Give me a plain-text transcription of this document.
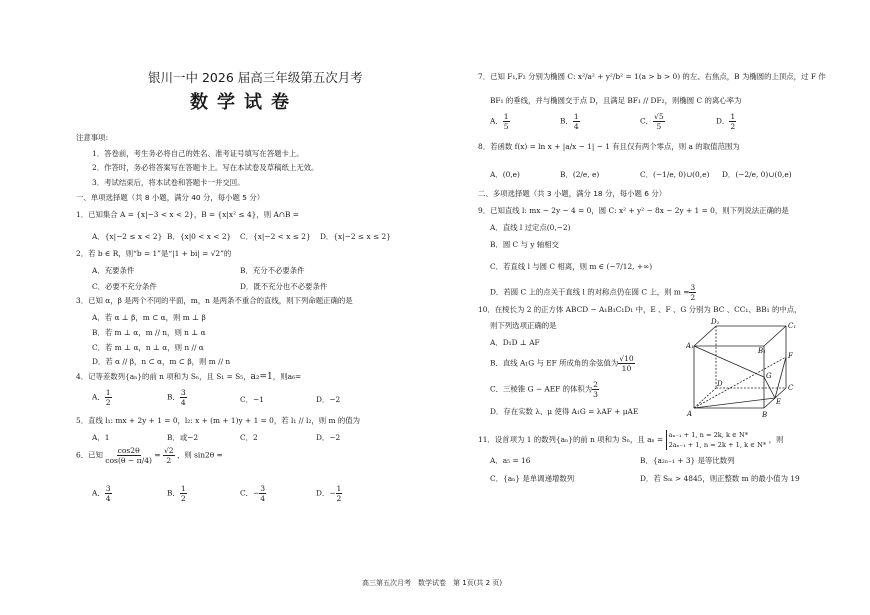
银川一中 2026 届高三年级第五次月考
数学试卷
注意事项:
1．答卷前，考生务必将自己的姓名、准考证号填写在答题卡上。
2．作答时，务必将答案写在答题卡上。写在本试卷及草稿纸上无效。
3．考试结束后，将本试卷和答题卡一并交回。
一、单项选择题（共 8 小题，满分 40 分，每小题 5 分）
1．已知集合 A = {x|−3 < x < 2}，B = {x|x² ≤ 4}，则 A∩B =
A．{x|−2 ≤ x < 2} B．{x|0 < x < 2} C．{x|−2 < x ≤ 2} D．{x|−2 ≤ x ≤ 2}
2．若 b ∈ R，则“b = 1”是“|1 + bi| = √2”的
A．充要条件	B．充分不必要条件
C．必要不充分条件	D．既不充分也不必要条件
3．已知 α，β 是两个不同的平面，m，n 是两条不重合的直线，则下列命题正确的是
A．若 α ⊥ β，m ⊂ α，则 m ⊥ β
B．若 m ⊥ α，m // n，则 n ⊥ α
C．若 m ⊥ α，n ⊥ α，则 n // α
D．若 α // β，n ⊂ α，m ⊂ β，则 m // n
4．记等差数列{aₙ}的前 n 项和为 Sₙ，且 S₁ = S₅，a₂=1，则a₆=
A． $\frac{1}{2}$	B． $\frac{3}{4}$	C．−1	D．−2
5．直线 l₁: mx + 2y + 1 = 0，l₂: x + (m + 1)y + 1 = 0，若 l₁ // l₂，则 m 的值为
A．1	B．或−2	C．2	D．−2
6．已知 $\frac{\cos 2\theta}{\cos(\theta - \pi/4)} = \frac{√2}{2}$ ，则 sin2θ =
A． $\frac{3}{4}$	B． $\frac{1}{2}$	C．− $\frac{3}{4}$	D．− $\frac{1}{2}$
7．已知 F₁,F₂ 分别为椭圆 C: x²/a² + y²/b² = 1(a > b > 0) 的左、右焦点，B 为椭圆的上顶点，过 F 作
BF₁ 的垂线，并与椭圆交于点 D，且满足 BF₁ // DF₂，则椭圆 C 的离心率为
A． $\frac{1}{5}$	B． $\frac{1}{4}$	C． $\frac{√5}{5}$	D． $\frac{1}{2}$
8．若函数 f(x) = ln x + |a/x − 1| − 1 有且仅有两个零点，则 a 的取值范围为
A．(0,e)	B．(2/e, e)	C．(−1/e, 0)∪(0,e) D．(−2/e, 0)∪(0,e)
二、多项选择题（共 3 小题，满分 18 分，每小题 6 分）
9．已知直线 l: mx − 2y − 4 = 0，圆 C: x² + y² − 8x − 2y + 1 = 0，则下列说法正确的是
A．直线 l 过定点(0,−2)
B．圆 C 与 y 轴相交
C．若直线 l 与圆 C 相离，则 m ∈ (−7/12, +∞)
D．若圆 C 上的点关于直线 l 的对称点仍在圆 C 上，则 $m = \frac{3}{2}$
10．在棱长为 2 的正方体 ABCD − A₁B₁C₁D₁ 中，E 、F 、G 分别为 BC 、CC₁、BB₁ 的中点，
则下列选项正确的是
A．D₁D ⊥ AF
B．直线 A₁G 与 EF 所成角的余弦值为 $\frac{√10}{10}$
C．三棱锥 G − AEF 的体积为 $\frac{2}{3}$
D．存在实数 λ、μ 使得 A₁G = λAF + μAE
D₁	C₁
A₁
B₁
F
G
D	C
A
E
B
11．设首项为 1 的数列{aₙ}的前 n 项和为 Sₙ，且 aₙ = aₙ₋₁ + 1, n = 2k, k ∈ N*
2aₙ₋₁ + 1, n = 2k + 1, k ∈ N*
，则
A．a₅ = 16	B．{a₂ₙ₋₁ + 3} 是等比数列
C．{aₙ} 是单调递增数列	D．若 Sₘ > 4845，则正整数 m 的最小值为 19
高三第五次月考　数学试卷　第 1页(共 2 页)
